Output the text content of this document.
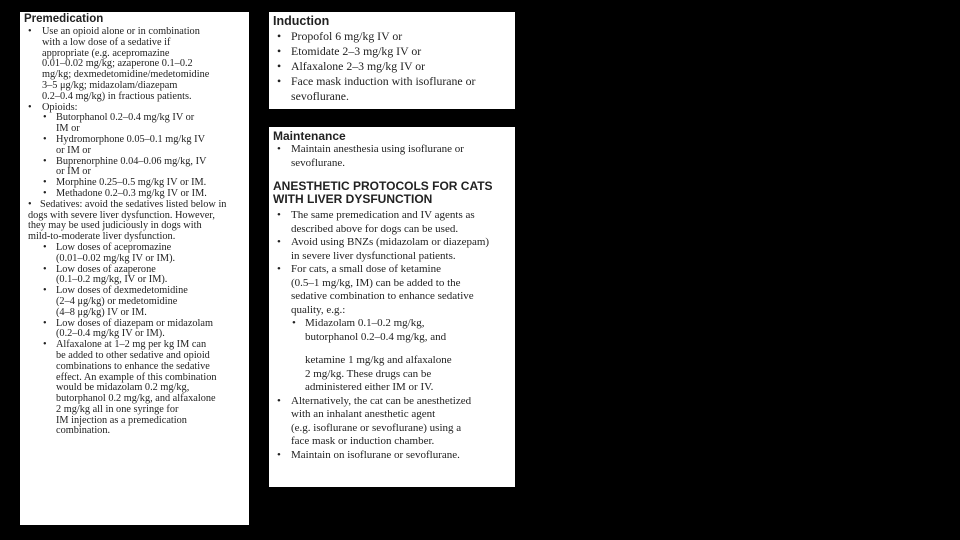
Premedication
• Use an opioid alone or in combination
with a low dose of a sedative if
appropriate (e.g. acepromazine
0.01–0.02 mg/kg; azaperone 0.1–0.2
mg/kg; dexmedetomidine/medetomidine
3–5 μg/kg; midazolam/diazepam
0.2–0.4 mg/kg) in fractious patients.
• Opioids:
• Butorphanol 0.2–0.4 mg/kg IV or
IM or
• Hydromorphone 0.05–0.1 mg/kg IV
or IM or
• Buprenorphine 0.04–0.06 mg/kg, IV
or IM or
• Morphine 0.25–0.5 mg/kg IV or IM.
• Methadone 0.2–0.3 mg/kg IV or IM.
• Sedatives: avoid the sedatives listed below in
dogs with severe liver dysfunction. However,
they may be used judiciously in dogs with
mild-to-moderate liver dysfunction.
• Low doses of acepromazine
(0.01–0.02 mg/kg IV or IM).
• Low doses of azaperone
(0.1–0.2 mg/kg, IV or IM).
• Low doses of dexmedetomidine
(2–4 μg/kg) or medetomidine
(4–8 μg/kg) IV or IM.
• Low doses of diazepam or midazolam
(0.2–0.4 mg/kg IV or IM).
• Alfaxalone at 1–2 mg per kg IM can
be added to other sedative and opioid
combinations to enhance the sedative
effect. An example of this combination
would be midazolam 0.2 mg/kg,
butorphanol 0.2 mg/kg, and alfaxalone
2 mg/kg all in one syringe for
IM injection as a premedication
combination.
Induction
• Propofol 6 mg/kg IV or
• Etomidate 2–3 mg/kg IV or
• Alfaxalone 2–3 mg/kg IV or
• Face mask induction with isoflurane or
sevoflurane.
Maintenance
• Maintain anesthesia using isoflurane or
sevoflurane.
ANESTHETIC PROTOCOLS FOR CATS
WITH LIVER DYSFUNCTION
• The same premedication and IV agents as
described above for dogs can be used.
• Avoid using BNZs (midazolam or diazepam)
in severe liver dysfunctional patients.
• For cats, a small dose of ketamine
(0.5–1 mg/kg, IM) can be added to the
sedative combination to enhance sedative
quality, e.g.:
• Midazolam 0.1–0.2 mg/kg,
butorphanol 0.2–0.4 mg/kg, and
ketamine 1 mg/kg and alfaxalone
2 mg/kg. These drugs can be
administered either IM or IV.
• Alternatively, the cat can be anesthetized
with an inhalant anesthetic agent
(e.g. isoflurane or sevoflurane) using a
face mask or induction chamber.
• Maintain on isoflurane or sevoflurane.
